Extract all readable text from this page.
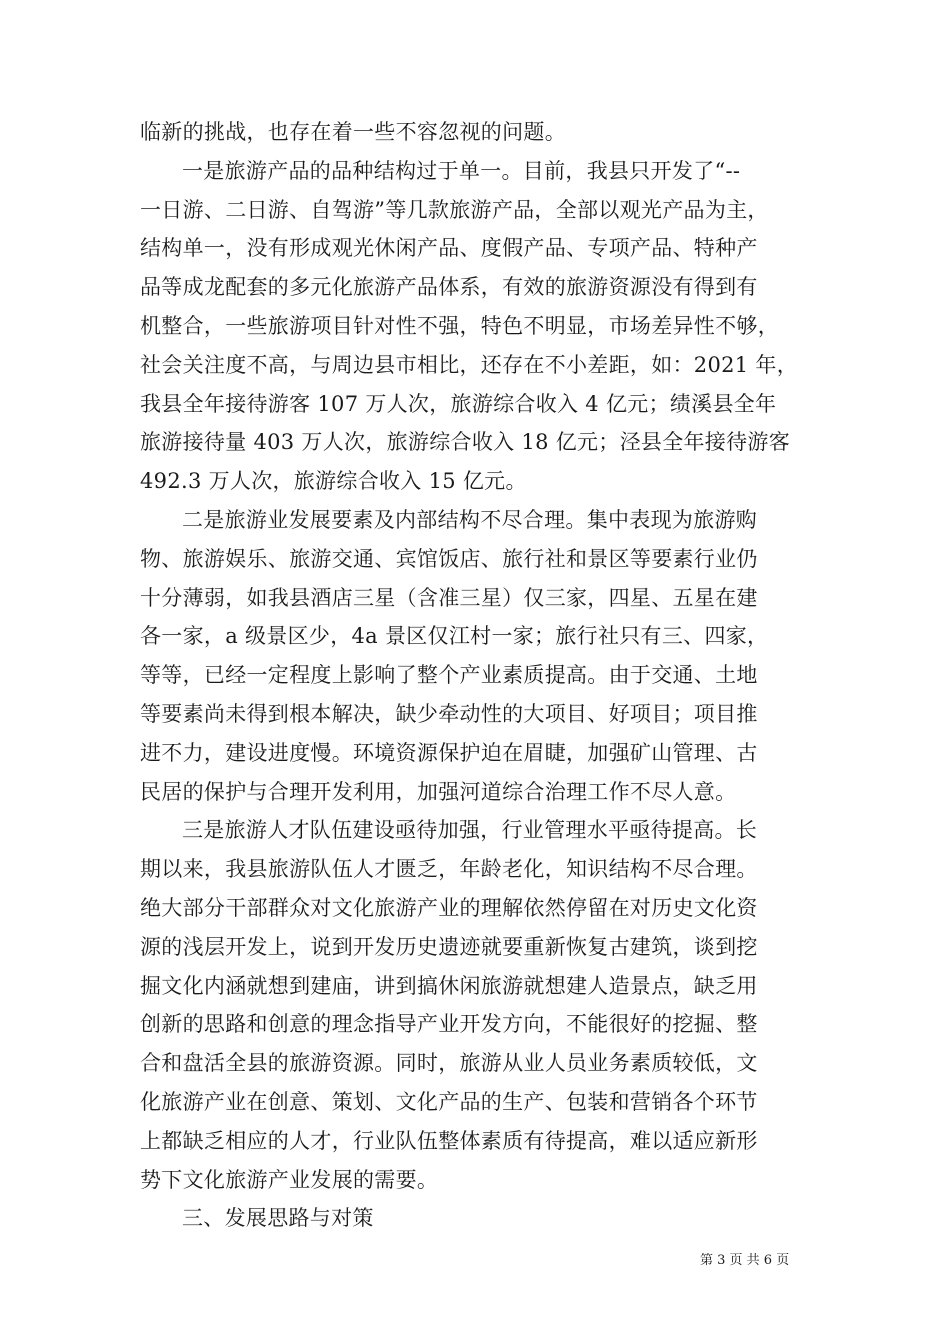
临新的挑战，也存在着一些不容忽视的问题。
一是旅游产品的品种结构过于单一。目前，我县只开发了“--
一日游、二日游、自驾游”等几款旅游产品，全部以观光产品为主，
结构单一，没有形成观光休闲产品、度假产品、专项产品、特种产
品等成龙配套的多元化旅游产品体系，有效的旅游资源没有得到有
机整合，一些旅游项目针对性不强，特色不明显，市场差异性不够，
社会关注度不高，与周边县市相比，还存在不小差距，如：2021 年，
我县全年接待游客 107 万人次，旅游综合收入 4 亿元；绩溪县全年
旅游接待量 403 万人次，旅游综合收入 18 亿元；泾县全年接待游客
492.3 万人次，旅游综合收入 15 亿元。
二是旅游业发展要素及内部结构不尽合理。集中表现为旅游购
物、旅游娱乐、旅游交通、宾馆饭店、旅行社和景区等要素行业仍
十分薄弱，如我县酒店三星（含准三星）仅三家，四星、五星在建
各一家，a 级景区少，4a 景区仅江村一家；旅行社只有三、四家，
等等，已经一定程度上影响了整个产业素质提高。由于交通、土地
等要素尚未得到根本解决，缺少牵动性的大项目、好项目；项目推
进不力，建设进度慢。环境资源保护迫在眉睫，加强矿山管理、古
民居的保护与合理开发利用，加强河道综合治理工作不尽人意。
三是旅游人才队伍建设亟待加强，行业管理水平亟待提高。长
期以来，我县旅游队伍人才匮乏，年龄老化，知识结构不尽合理。
绝大部分干部群众对文化旅游产业的理解依然停留在对历史文化资
源的浅层开发上，说到开发历史遗迹就要重新恢复古建筑，谈到挖
掘文化内涵就想到建庙，讲到搞休闲旅游就想建人造景点，缺乏用
创新的思路和创意的理念指导产业开发方向，不能很好的挖掘、整
合和盘活全县的旅游资源。同时，旅游从业人员业务素质较低，文
化旅游产业在创意、策划、文化产品的生产、包装和营销各个环节
上都缺乏相应的人才，行业队伍整体素质有待提高，难以适应新形
势下文化旅游产业发展的需要。
三、发展思路与对策
第 3 页 共 6 页
